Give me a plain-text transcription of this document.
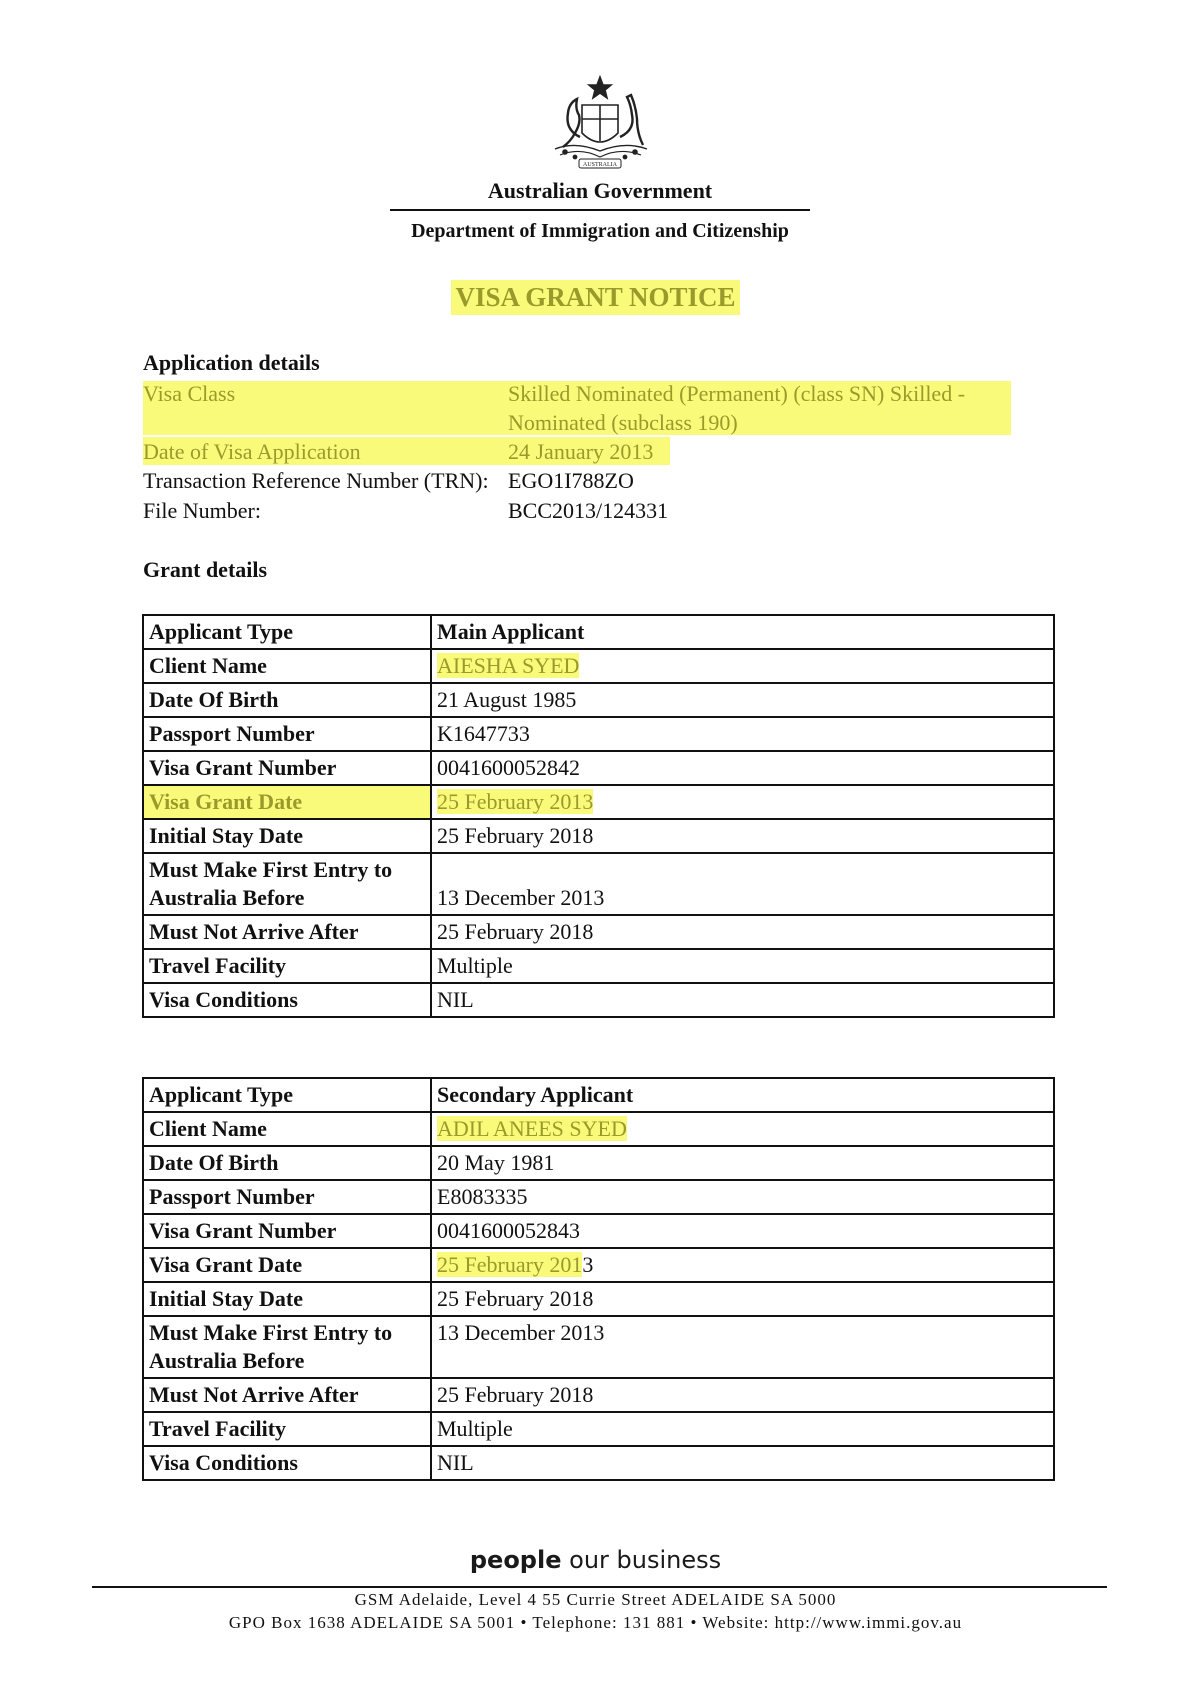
AUSTRALIA
Australian Government
Department of Immigration and Citizenship
VISA GRANT NOTICE
Application details
Visa Class	Skilled Nominated (Permanent) (class SN) Skilled -
Nominated (subclass 190)
Date of Visa Application	24 January 2013
Transaction Reference Number (TRN): EGO1I788ZO
File Number:	BCC2013/124331
Grant details
Applicant Type	Main Applicant
Client Name	AIESHA SYED
Date Of Birth	21 August 1985
Passport Number	K1647733
Visa Grant Number	0041600052842
Visa Grant Date	25 February 2013
Initial Stay Date	25 February 2018

Must Make First Entry to
Australia Before	13 December 2013
Must Not Arrive After	25 February 2018
Travel Facility	Multiple
Visa Conditions	NIL
Applicant Type	Secondary Applicant
Client Name	ADIL ANEES SYED
Date Of Birth	20 May 1981
Passport Number	E8083335
Visa Grant Number	0041600052843
Visa Grant Date	25 February 2013
Initial Stay Date	25 February 2018

Must Make First Entry to
Australia Before	13 December 2013
Must Not Arrive After	25 February 2018
Travel Facility	Multiple
Visa Conditions	NIL
people our business
GSM Adelaide, Level 4 55 Currie Street ADELAIDE SA 5000
GPO Box 1638 ADELAIDE SA 5001 • Telephone: 131 881 • Website: http://www.immi.gov.au
